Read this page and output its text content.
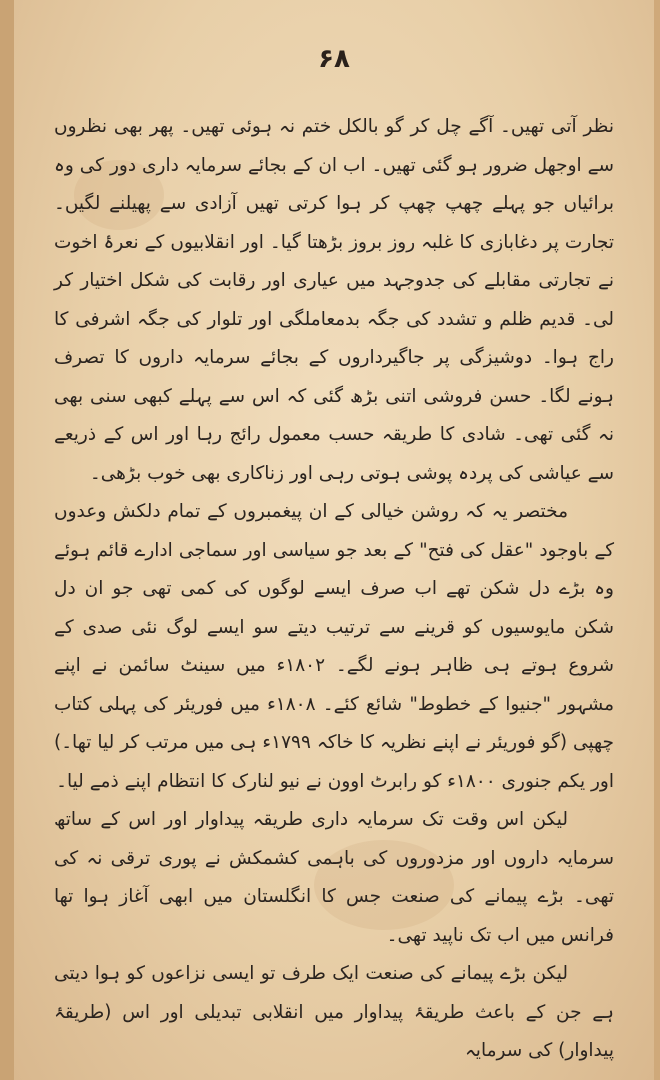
۶۸

نظر آتی تھیں۔ آگے چل کر گو بالکل ختم نہ ہوئی تھیں۔ پھر بھی نظروں سے اوجھل ضرور ہو گئی تھیں۔ اب ان کے بجائے سرمایہ داری دور کی وہ برائیاں جو پہلے چھپ چھپ کر ہوا کرتی تھیں آزادی سے پھیلنے لگیں۔ تجارت پر دغابازی کا غلبہ روز بروز بڑھتا گیا۔ اور انقلابیوں کے نعرۂ اخوت نے تجارتی مقابلے کی جدوجہد میں عیاری اور رقابت کی شکل اختیار کر لی۔ قدیم ظلم و تشدد کی جگہ بدمعاملگی اور تلوار کی جگہ اشرفی کا راج ہوا۔ دوشیزگی پر جاگیرداروں کے بجائے سرمایہ داروں کا تصرف ہونے لگا۔ حسن فروشی اتنی بڑھ گئی کہ اس سے پہلے کبھی سنی بھی نہ گئی تھی۔ شادی کا طریقہ حسب معمول رائج رہا اور اس کے ذریعے سے عیاشی کی پردہ پوشی ہوتی رہی اور زناکاری بھی خوب بڑھی۔

مختصر یہ کہ روشن خیالی کے ان پیغمبروں کے تمام دلکش وعدوں کے باوجود "عقل کی فتح" کے بعد جو سیاسی اور سماجی ادارے قائم ہوئے وہ بڑے دل شکن تھے اب صرف ایسے لوگوں کی کمی تھی جو ان دل شکن مایوسیوں کو قرینے سے ترتیب دیتے سو ایسے لوگ نئی صدی کے شروع ہوتے ہی ظاہر ہونے لگے۔ ۱۸۰۲ء میں سینٹ سائمن نے اپنے مشہور "جنیوا کے خطوط" شائع کئے۔ ۱۸۰۸ء میں فوریئر کی پہلی کتاب چھپی (گو فوریئر نے اپنے نظریہ کا خاکہ ۱۷۹۹ء ہی میں مرتب کر لیا تھا۔) اور یکم جنوری ۱۸۰۰ء کو رابرٹ اوون نے نیو لنارک کا انتظام اپنے ذمے لیا۔

لیکن اس وقت تک سرمایہ داری طریقہ پیداوار اور اس کے ساتھ سرمایہ داروں اور مزدوروں کی باہمی کشمکش نے پوری ترقی نہ کی تھی۔ بڑے پیمانے کی صنعت جس کا انگلستان میں ابھی آغاز ہوا تھا فرانس میں اب تک ناپید تھی۔

لیکن بڑے پیمانے کی صنعت ایک طرف تو ایسی نزاعوں کو ہوا دیتی ہے جن کے باعث طریقۂ پیداوار میں انقلابی تبدیلی اور اس (طریقۂ پیداوار) کی سرمایہ
